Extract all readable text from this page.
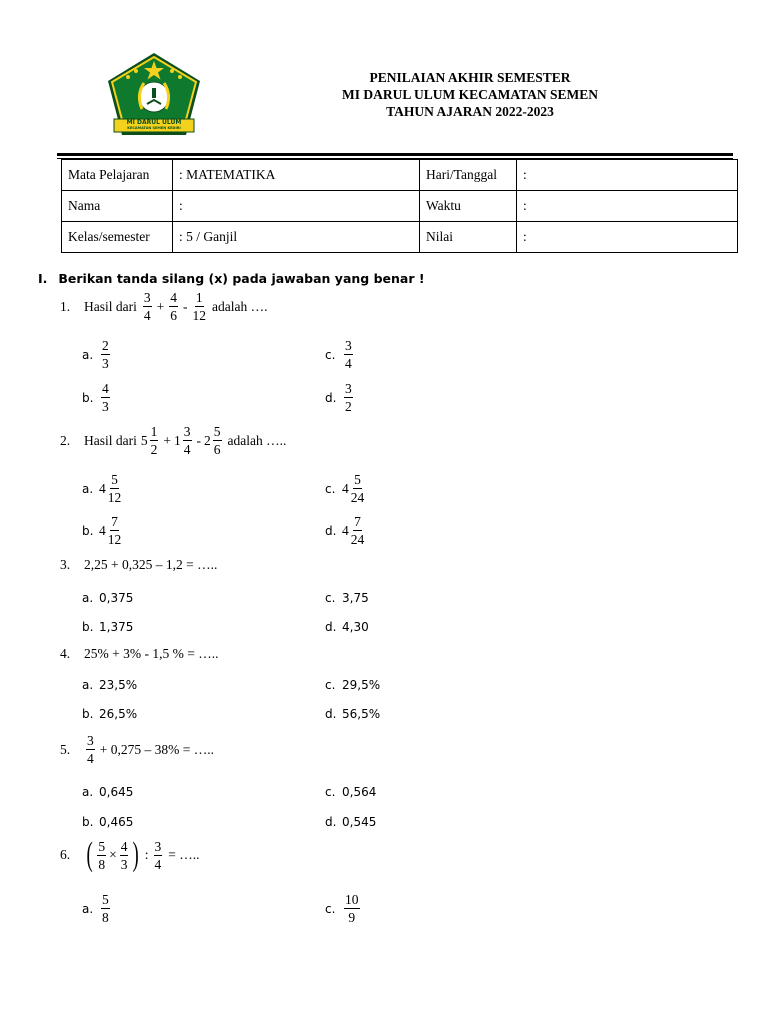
MI DARUL ULUM
KECAMATAN SEMEN KEDIRI
PENILAIAN AKHIR SEMESTER
MI DARUL ULUM KECAMATAN SEMEN
TAHUN AJARAN 2022-2023
Mata Pelajaran	: MATEMATIKA	Hari/Tanggal	:
Nama	:	Waktu	:
Kelas/semester	: 5 / Ganjil	Nilai	:
I. Berikan tanda silang (x) pada jawaban yang benar !
1.	Hasil dari $\frac{3}{4} + \frac{4}{6} - \frac{1}{12}$ adalah ….
a. $\frac{2}{3}$	c. $\frac{3}{4}$
b. $\frac{4}{3}$	d. $\frac{3}{2}$
2.	Hasil dari $5 \frac{1}{2} + 1 \frac{3}{4} - 2 \frac{5}{6}$ adalah …..
a. $4 \frac{5}{12}$	c. $4 \frac{5}{24}$
b. $4 \frac{7}{12}$	d. $4 \frac{7}{24}$
3.	2,25 + 0,325 – 1,2 = …..
a. 0,375	c. 3,75
b. 1,375	d. 4,30
4.	25% + 3% - 1,5 % = …..
a. 23,5%	c. 29,5%
b. 26,5%	d. 56,5%
5.	$\frac{3}{4} + 0,275 - 38\%$ = …..
a. 0,645	c. 0,564
b. 0,465	d. 0,545
6. ( $\frac{5}{8} \times \frac{4}{3}$ ) : $\frac{3}{4}$ = …..
a. $\frac{5}{8}$	c. $\frac{10}{9}$
